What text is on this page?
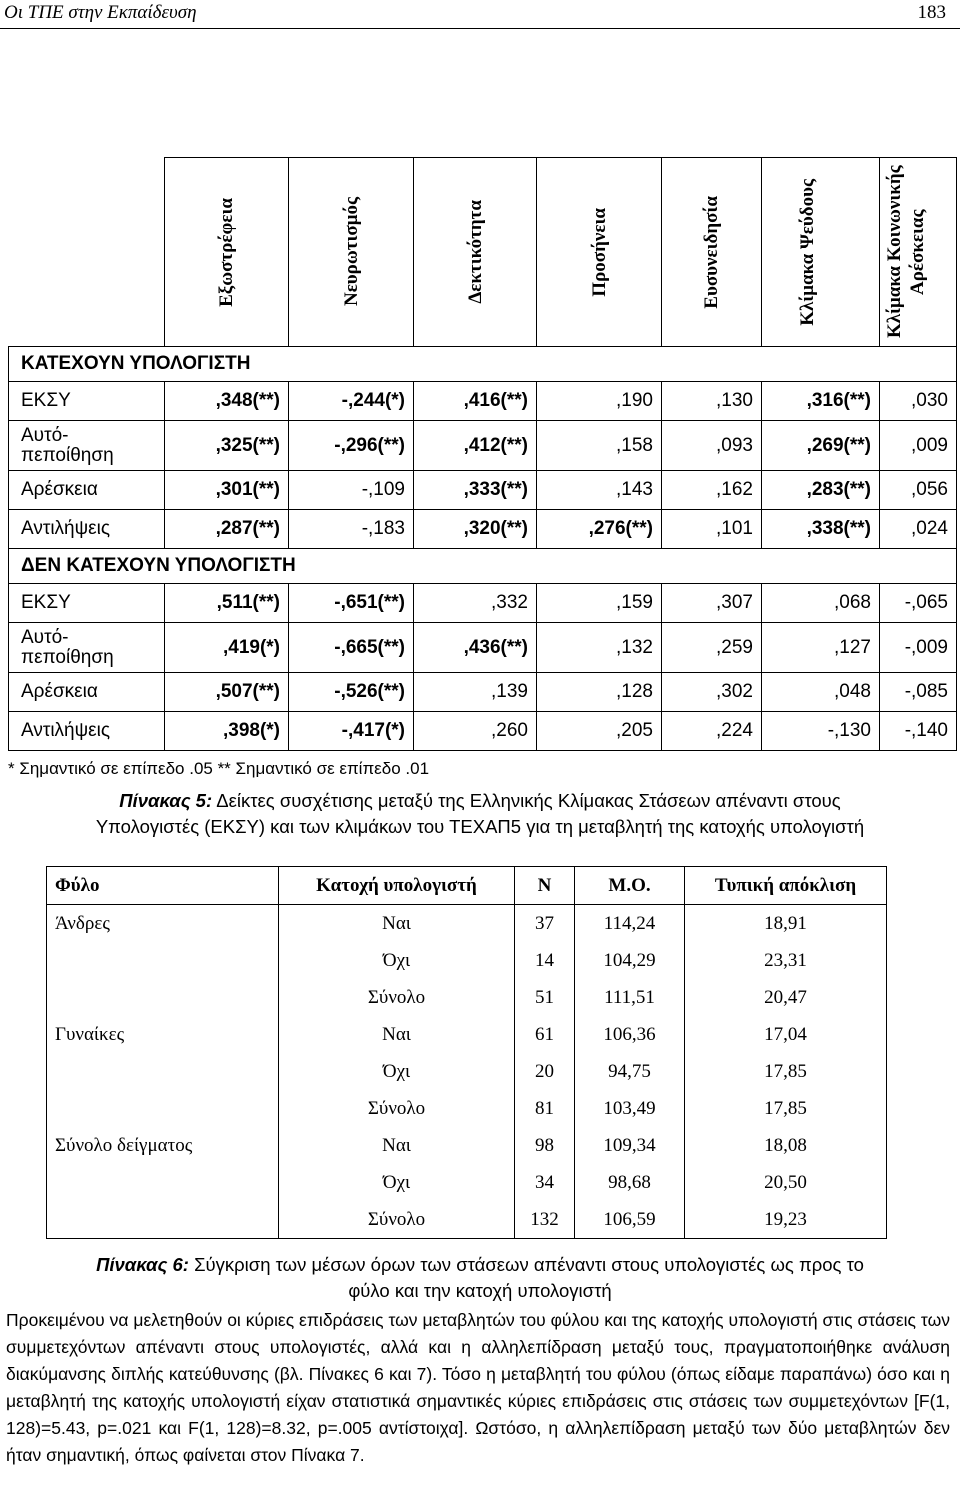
Οι ΤΠΕ στην Εκπαίδευση	183

	Εξωστρέφεια	Νευρωτισμός	Δεκτικότητα	Προσήνεια	Ευσυνειδησία	Κλίμακα Ψεύδους	Κλίμακα Κοινωνικής Αρέσκειας

ΚΑΤΕΧΟΥΝ ΥΠΟΛΟΓΙΣΤΗ							
ΕΚΣΥ	,348(**)	-,244(*)	,416(**)	,190	,130	,316(**)	,030
Αυτό-
πεποίθηση	,325(**)	-,296(**)	,412(**)	,158	,093	,269(**)	,009
Αρέσκεια	,301(**)	-,109	,333(**)	,143	,162	,283(**)	,056
Αντιλήψεις	,287(**)	-,183	,320(**)	,276(**)	,101	,338(**)	,024
ΔΕΝ ΚΑΤΕΧΟΥΝ ΥΠΟΛΟΓΙΣΤΗ							
ΕΚΣΥ	,511(**)	-,651(**)	,332	,159	,307	,068	-,065
Αυτό-
πεποίθηση	,419(*)	-,665(**)	,436(**)	,132	,259	,127	-,009
Αρέσκεια	,507(**)	-,526(**)	,139	,128	,302	,048	-,085
Αντιλήψεις	,398(*)	-,417(*)	,260	,205	,224	-,130	-,140
* Σημαντικό σε επίπεδο .05 ** Σημαντικό σε επίπεδο .01
Πίνακας 5: Δείκτες συσχέτισης μεταξύ της Ελληνικής Κλίμακας Στάσεων απέναντι στους
Υπολογιστές (ΕΚΣΥ) και των κλιμάκων του ΤΕΧΑΠ5 για τη μεταβλητή της κατοχής υπολογιστή
Φύλο	Κατοχή υπολογιστή	Ν	Μ.Ο.	Τυπική απόκλιση
Άνδρες	Ναι	37	114,24	18,91
	Όχι	14	104,29	23,31
	Σύνολο	51	111,51	20,47
Γυναίκες	Ναι	61	106,36	17,04
	Όχι	20	94,75	17,85
	Σύνολο	81	103,49	17,85
Σύνολο δείγματος	Ναι	98	109,34	18,08
	Όχι	34	98,68	20,50
	Σύνολο	132	106,59	19,23
Πίνακας 6: Σύγκριση των μέσων όρων των στάσεων απέναντι στους υπολογιστές ως προς το
φύλο και την κατοχή υπολογιστή
Προκειμένου να μελετηθούν οι κύριες επιδράσεις των μεταβλητών του φύλου και της κατοχής υπολογιστή στις στάσεις των συμμετεχόντων απέναντι στους υπολογιστές, αλλά και η αλληλεπίδραση μεταξύ τους, πραγματοποιήθηκε ανάλυση διακύμανσης διπλής κατεύθυνσης (βλ. Πίνακες 6 και 7). Τόσο η μεταβλητή του φύλου (όπως είδαμε παραπάνω) όσο και η μεταβλητή της κατοχής υπολογιστή είχαν στατιστικά σημαντικές κύριες επιδράσεις στις στάσεις των συμμετεχόντων [F(1, 128)=5.43, p=.021 και F(1, 128)=8.32, p=.005 αντίστοιχα]. Ωστόσο, η αλληλεπίδραση μεταξύ των δύο μεταβλητών δεν ήταν σημαντική, όπως φαίνεται στον Πίνακα 7.
